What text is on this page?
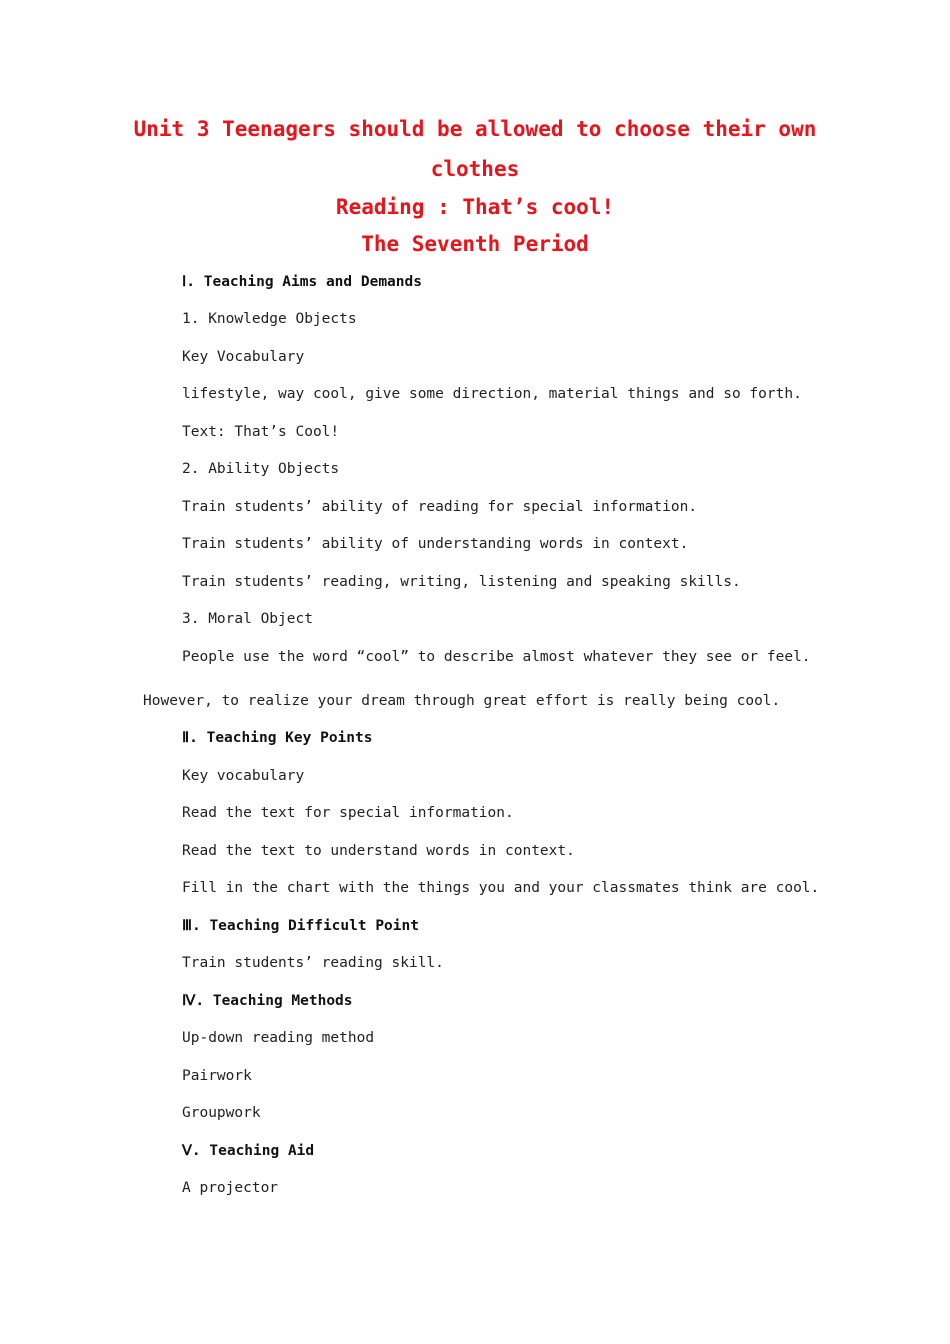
Unit 3 Teenagers should be allowed to choose their own
clothes
Reading : That’s cool!
The Seventh Period
Ⅰ. Teaching Aims and Demands
1. Knowledge Objects
Key Vocabulary
lifestyle, way cool, give some direction, material things and so forth.
Text: That’s Cool!
2. Ability Objects
Train students’ ability of reading for special information.
Train students’ ability of understanding words in context.
Train students’ reading, writing, listening and speaking skills.
3. Moral Object
People use the word “cool” to describe almost whatever they see or feel.
However, to realize your dream through great effort is really being cool.
Ⅱ. Teaching Key Points
Key vocabulary
Read the text for special information.
Read the text to understand words in context.
Fill in the chart with the things you and your classmates think are cool.
Ⅲ. Teaching Difficult Point
Train students’ reading skill.
Ⅳ. Teaching Methods
Up-down reading method
Pairwork
Groupwork
Ⅴ. Teaching Aid
A projector
